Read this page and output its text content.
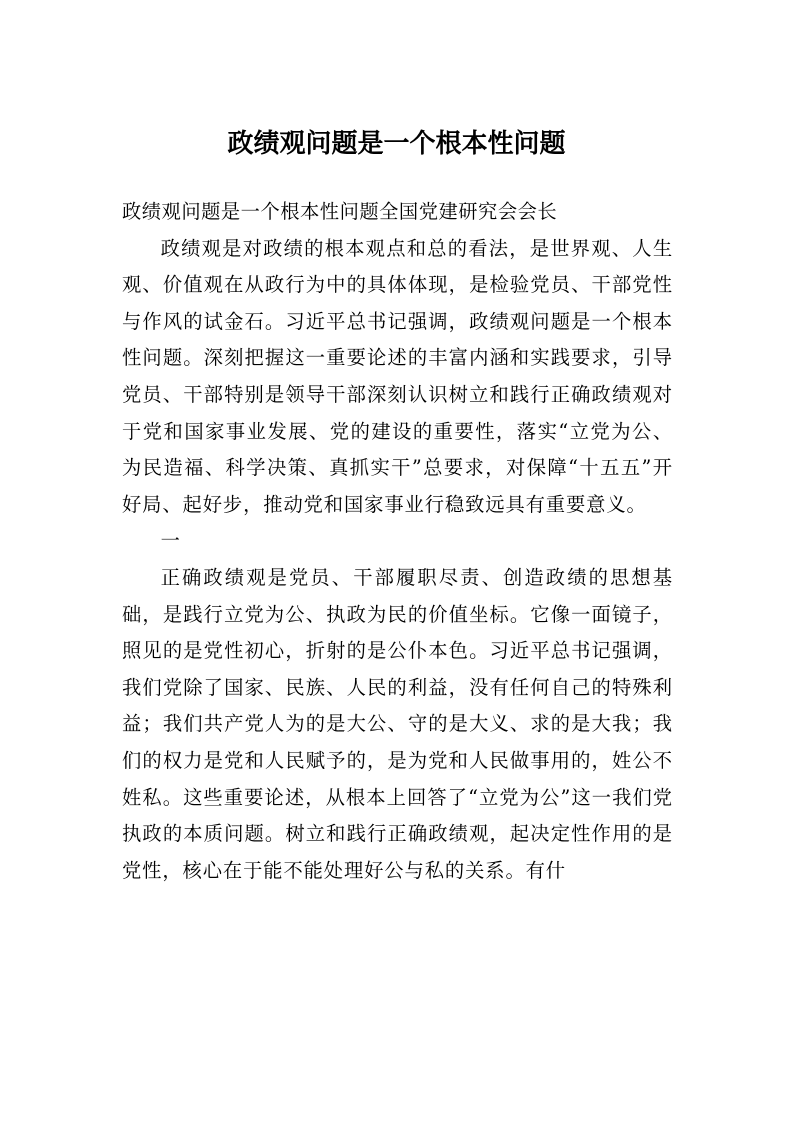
政绩观问题是一个根本性问题

政绩观问题是一个根本性问题全国党建研究会会长

政绩观是对政绩的根本观点和总的看法，是世界观、人生观、价值观在从政行为中的具体体现，是检验党员、干部党性与作风的试金石。习近平总书记强调，政绩观问题是一个根本性问题。深刻把握这一重要论述的丰富内涵和实践要求，引导党员、干部特别是领导干部深刻认识树立和践行正确政绩观对于党和国家事业发展、党的建设的重要性，落实“立党为公、为民造福、科学决策、真抓实干”总要求，对保障“十五五”开好局、起好步，推动党和国家事业行稳致远具有重要意义。

一

正确政绩观是党员、干部履职尽责、创造政绩的思想基础，是践行立党为公、执政为民的价值坐标。它像一面镜子，照见的是党性初心，折射的是公仆本色。习近平总书记强调，我们党除了国家、民族、人民的利益，没有任何自己的特殊利益；我们共产党人为的是大公、守的是大义、求的是大我；我们的权力是党和人民赋予的，是为党和人民做事用的，姓公不姓私。这些重要论述，从根本上回答了“立党为公”这一我们党执政的本质问题。树立和践行正确政绩观，起决定性作用的是党性，核心在于能不能处理好公与私的关系。有什
